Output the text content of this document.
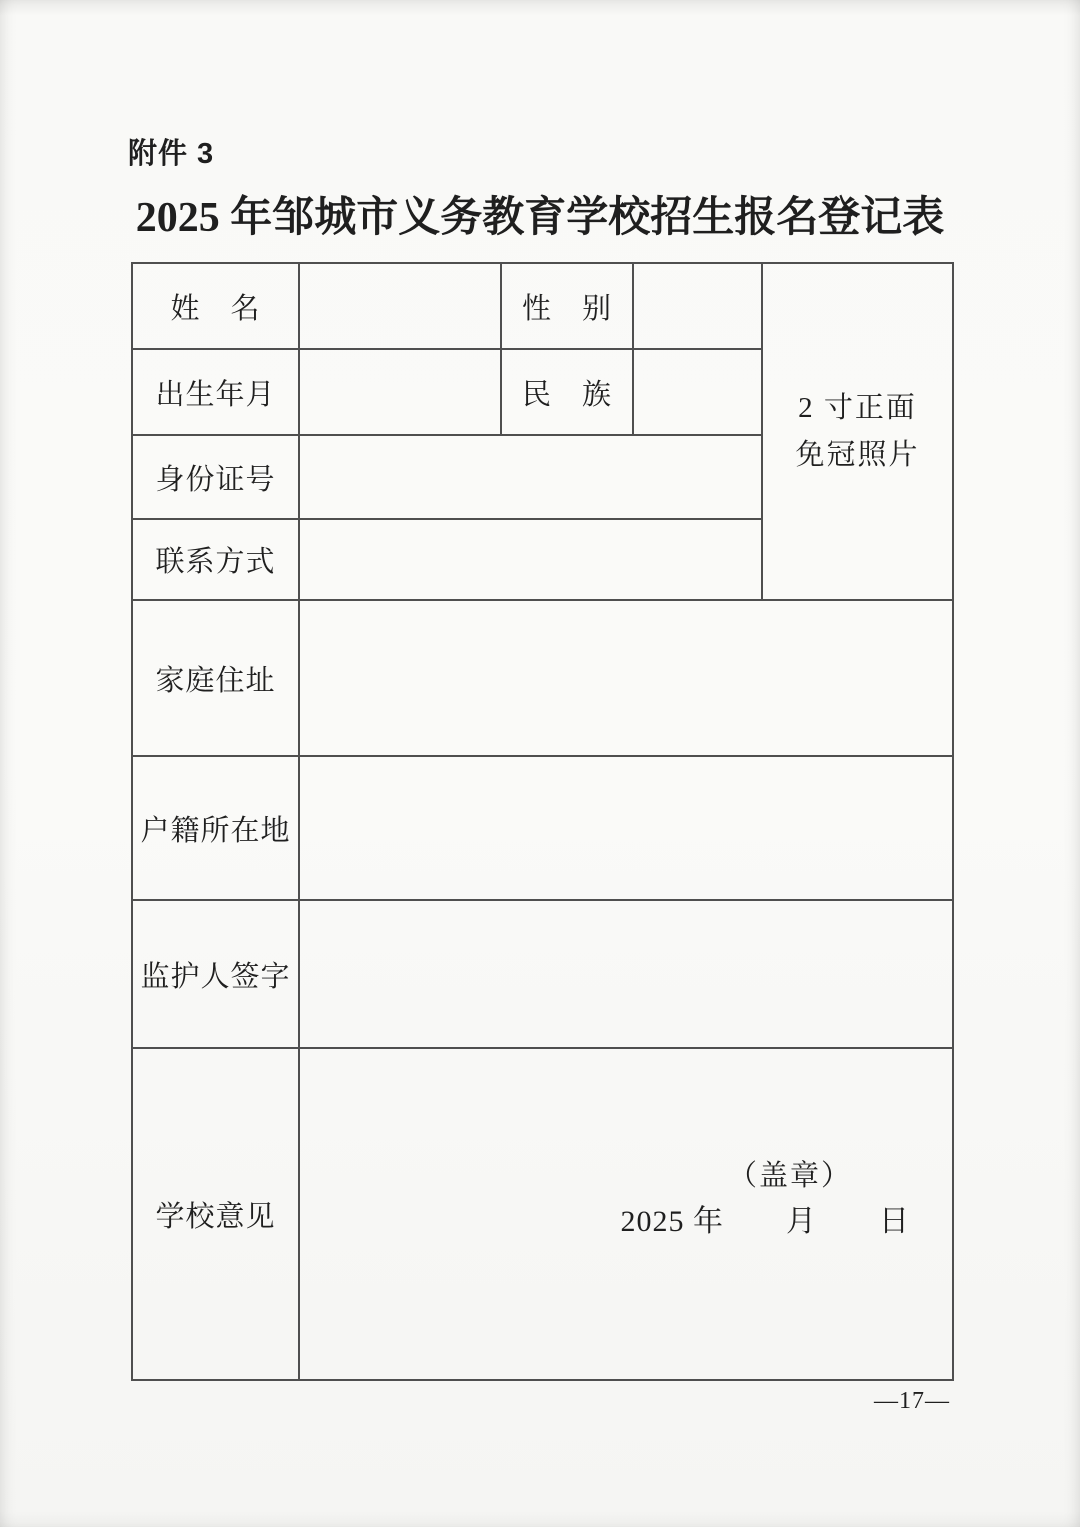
附件 3
2025 年邹城市义务教育学校招生报名登记表
姓　名		性　别		2 寸正面
免冠照片

出生年月		民　族		
身份证号				
联系方式				
家庭住址				
户籍所在地				
监护人签字				
学校意见	（盖章）
2025 年　　月　　日			
—17—
